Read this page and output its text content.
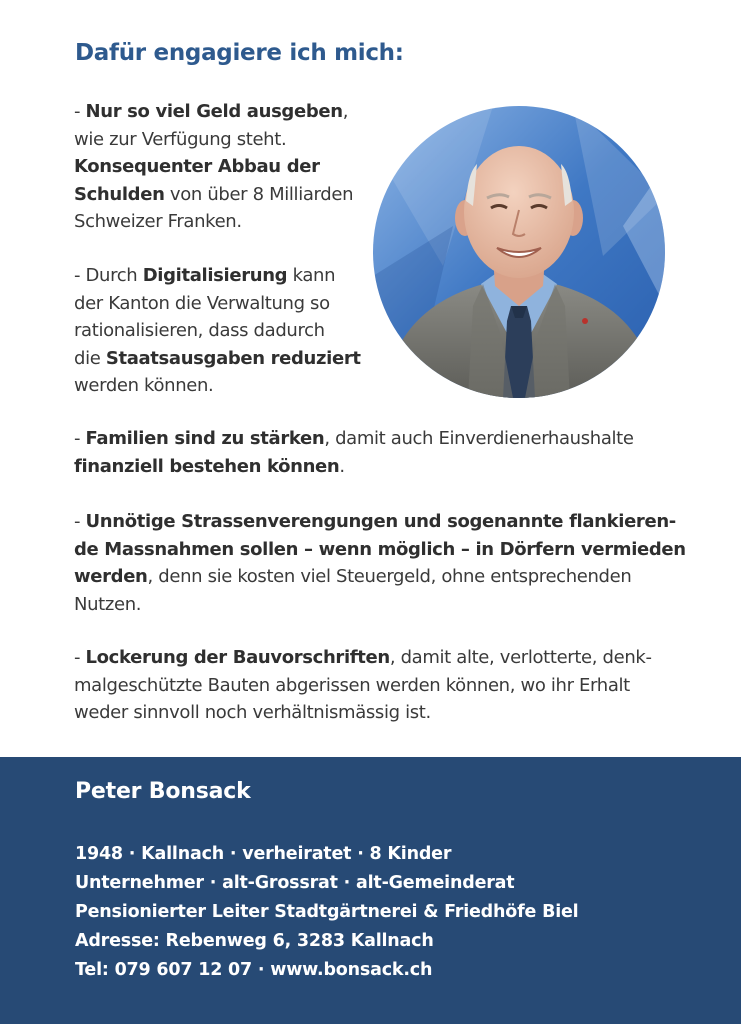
Dafür engagiere ich mich:

- Nur so viel Geld ausgeben,
wie zur Verfügung steht.
Konsequenter Abbau der
Schulden von über 8 Milliarden
Schweizer Franken.

- Durch Digitalisierung kann
der Kanton die Verwaltung so
rationalisieren, dass dadurch
die Staatsausgaben reduziert
werden können.

- Familien sind zu stärken, damit auch Einverdienerhaushalte
finanziell bestehen können.

- Unnötige Strassenverengungen und sogenannte flankieren-
de Massnahmen sollen – wenn möglich – in Dörfern vermieden
werden, denn sie kosten viel Steuergeld, ohne entsprechenden
Nutzen.

- Lockerung der Bauvorschriften, damit alte, verlotterte, denk-
malgeschützte Bauten abgerissen werden können, wo ihr Erhalt
weder sinnvoll noch verhältnismässig ist.

Peter Bonsack
1948 · Kallnach · verheiratet · 8 Kinder
Unternehmer · alt-Grossrat · alt-Gemeinderat
Pensionierter Leiter Stadtgärtnerei & Friedhöfe Biel
Adresse: Rebenweg 6, 3283 Kallnach
Tel: 079 607 12 07 · www.bonsack.ch
